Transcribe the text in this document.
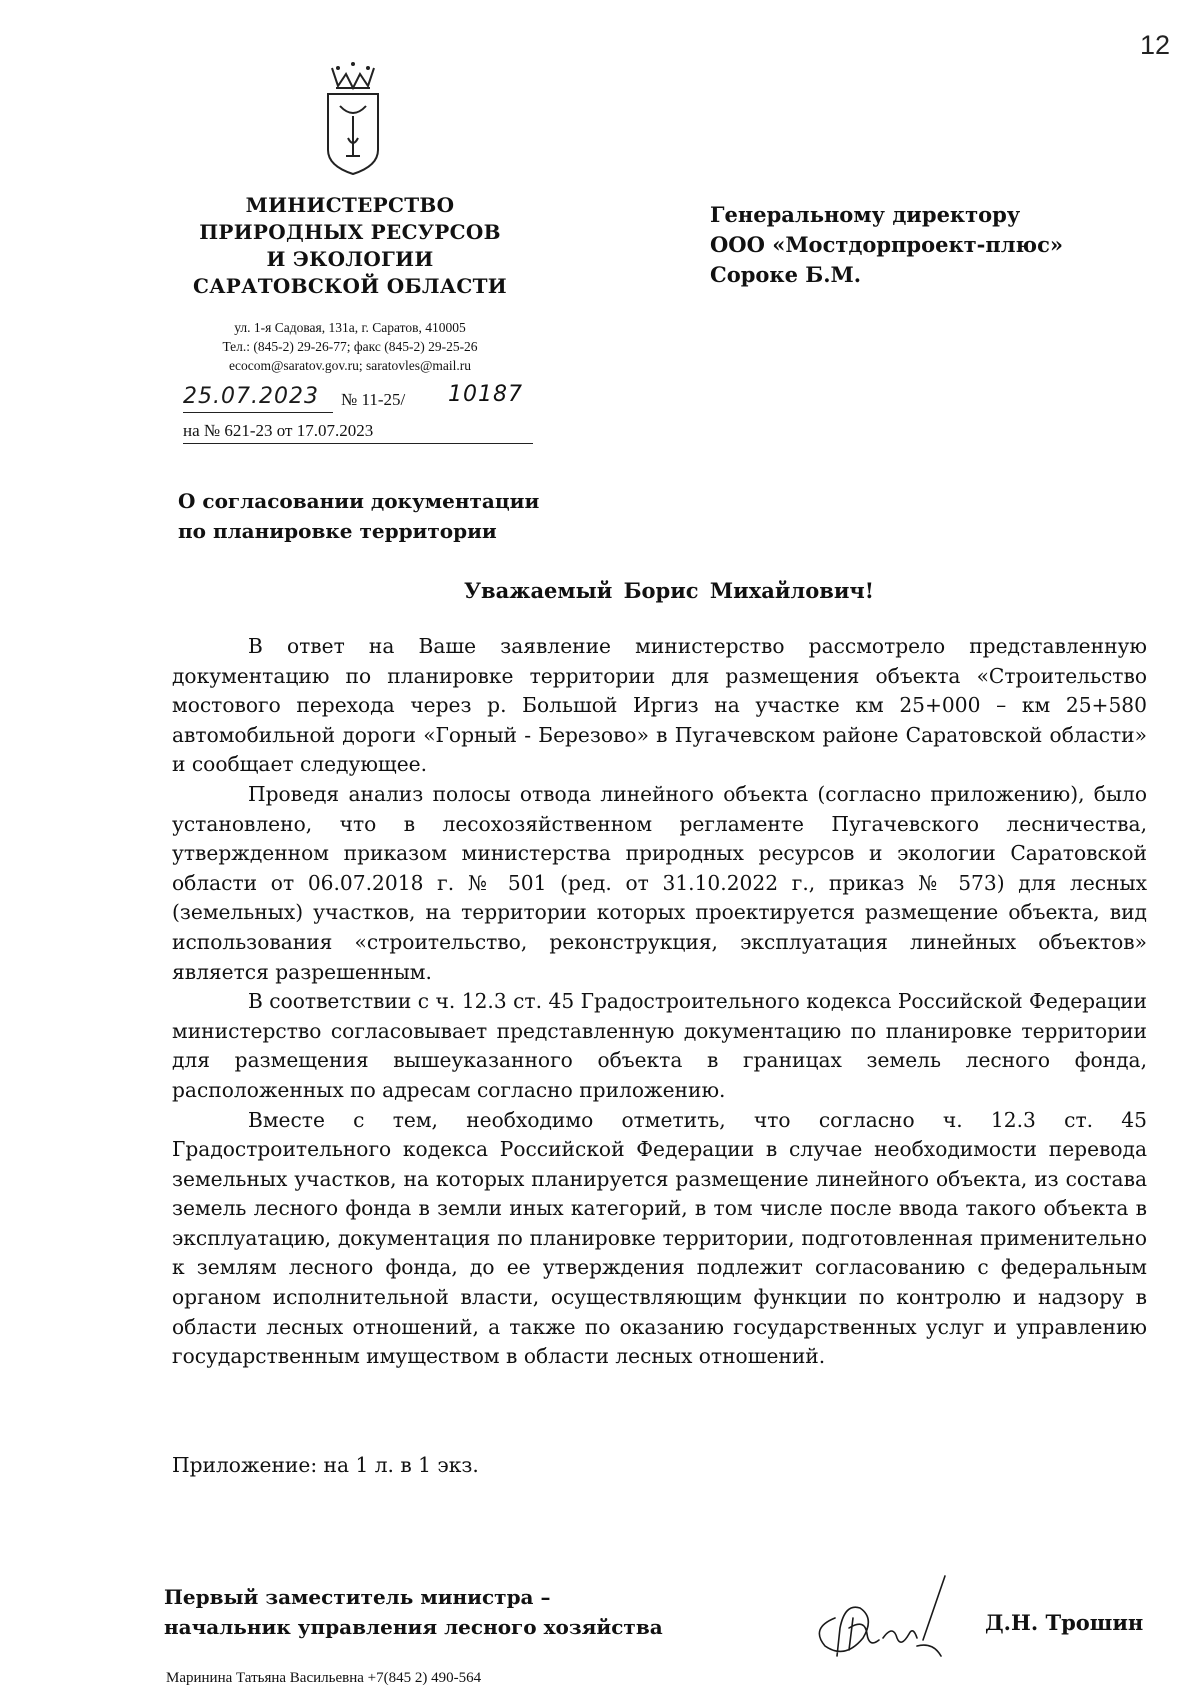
12
МИНИСТЕРСТВО
ПРИРОДНЫХ РЕСУРСОВ
И ЭКОЛОГИИ
САРАТОВСКОЙ ОБЛАСТИ
ул. 1-я Садовая, 131а, г. Саратов, 410005
Тел.: (845-2) 29-26-77; факс (845-2) 29-25-26
ecocom@saratov.gov.ru; saratovles@mail.ru
25.07.2023	№ 11-25/ 10187
на № 621-23 от 17.07.2023
Генеральному директору
ООО «Мостдорпроект-плюс»
Сороке Б.М.
О согласовании документации
по планировке территории
Уважаемый Борис Михайлович!

В ответ на Ваше заявление министерство рассмотрело представленную документацию по планировке территории для размещения объекта «Строительство мостового перехода через р. Большой Иргиз на участке км 25+000 – км 25+580 автомобильной дороги «Горный - Березово» в Пугачевском районе Саратовской области» и сообщает следующее.

Проведя анализ полосы отвода линейного объекта (согласно приложению), было установлено, что в лесохозяйственном регламенте Пугачевского лесничества, утвержденном приказом министерства природных ресурсов и экологии Саратовской области от 06.07.2018 г. № 501 (ред. от 31.10.2022 г., приказ № 573) для лесных (земельных) участков, на территории которых проектируется размещение объекта, вид использования «строительство, реконструкция, эксплуатация линейных объектов» является разрешенным.

В соответствии с ч. 12.3 ст. 45 Градостроительного кодекса Российской Федерации министерство согласовывает представленную документацию по планировке территории для размещения вышеуказанного объекта в границах земель лесного фонда, расположенных по адресам согласно приложению.

Вместе с тем, необходимо отметить, что согласно ч. 12.3 ст. 45 Градостроительного кодекса Российской Федерации в случае необходимости перевода земельных участков, на которых планируется размещение линейного объекта, из состава земель лесного фонда в земли иных категорий, в том числе после ввода такого объекта в эксплуатацию, документация по планировке территории, подготовленная применительно к землям лесного фонда, до ее утверждения подлежит согласованию с федеральным органом исполнительной власти, осуществляющим функции по контролю и надзору в области лесных отношений, а также по оказанию государственных услуг и управлению государственным имуществом в области лесных отношений.

Приложение: на 1 л. в 1 экз.
Первый заместитель министра –
начальник управления лесного хозяйства	Д.Н. Трошин
Маринина Татьяна Васильевна +7(845 2) 490-564
